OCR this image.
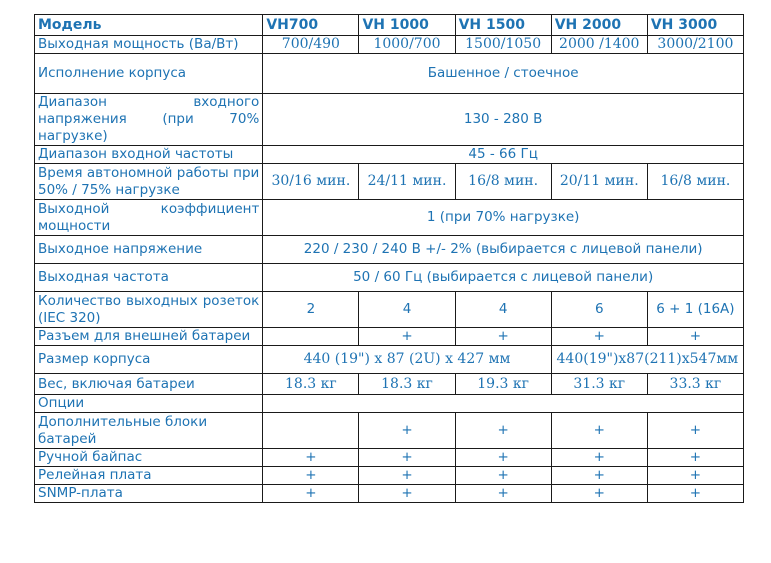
Модель	VH700	VH 1000	VH 1500	VH 2000	VH 3000
Выходная мощность (Ва/Вт)	700/490	1000/700	1500/1050	2000 /1400	3000/2100
Исполнение корпуса	Башенное / стоечное				
Диапазон входного напряжения (при 70% нагрузке)	130 - 280 В				
Диапазон входной частоты	45 - 66 Гц				
Время автономной работы при 50% / 75% нагрузке	30/16 мин.	24/11 мин.	16/8 мин.	20/11 мин.	16/8 мин.
Выходной коэффициент мощности	1 (при 70% нагрузке)				
Выходное напряжение	220 / 230 / 240 В +/- 2% (выбирается с лицевой панели)				
Выходная частота	50 / 60 Гц (выбирается с лицевой панели)				
Количество выходных розеток (IEC 320)	2	4	4	6	6 + 1 (16А)
Разъем для внешней батареи		+	+	+	+
Размер корпуса	440 (19") x 87 (2U) x 427 мм			440(19")x87(211)x547мм	
Вес, включая батареи	18.3 кг	18.3 кг	19.3 кг	31.3 кг	33.3 кг
Опции					
Дополнительные блоки батарей		+	+	+	+
Ручной байпас	+	+	+	+	+
Релейная плата	+	+	+	+	+
SNMP-плата	+	+	+	+	+
